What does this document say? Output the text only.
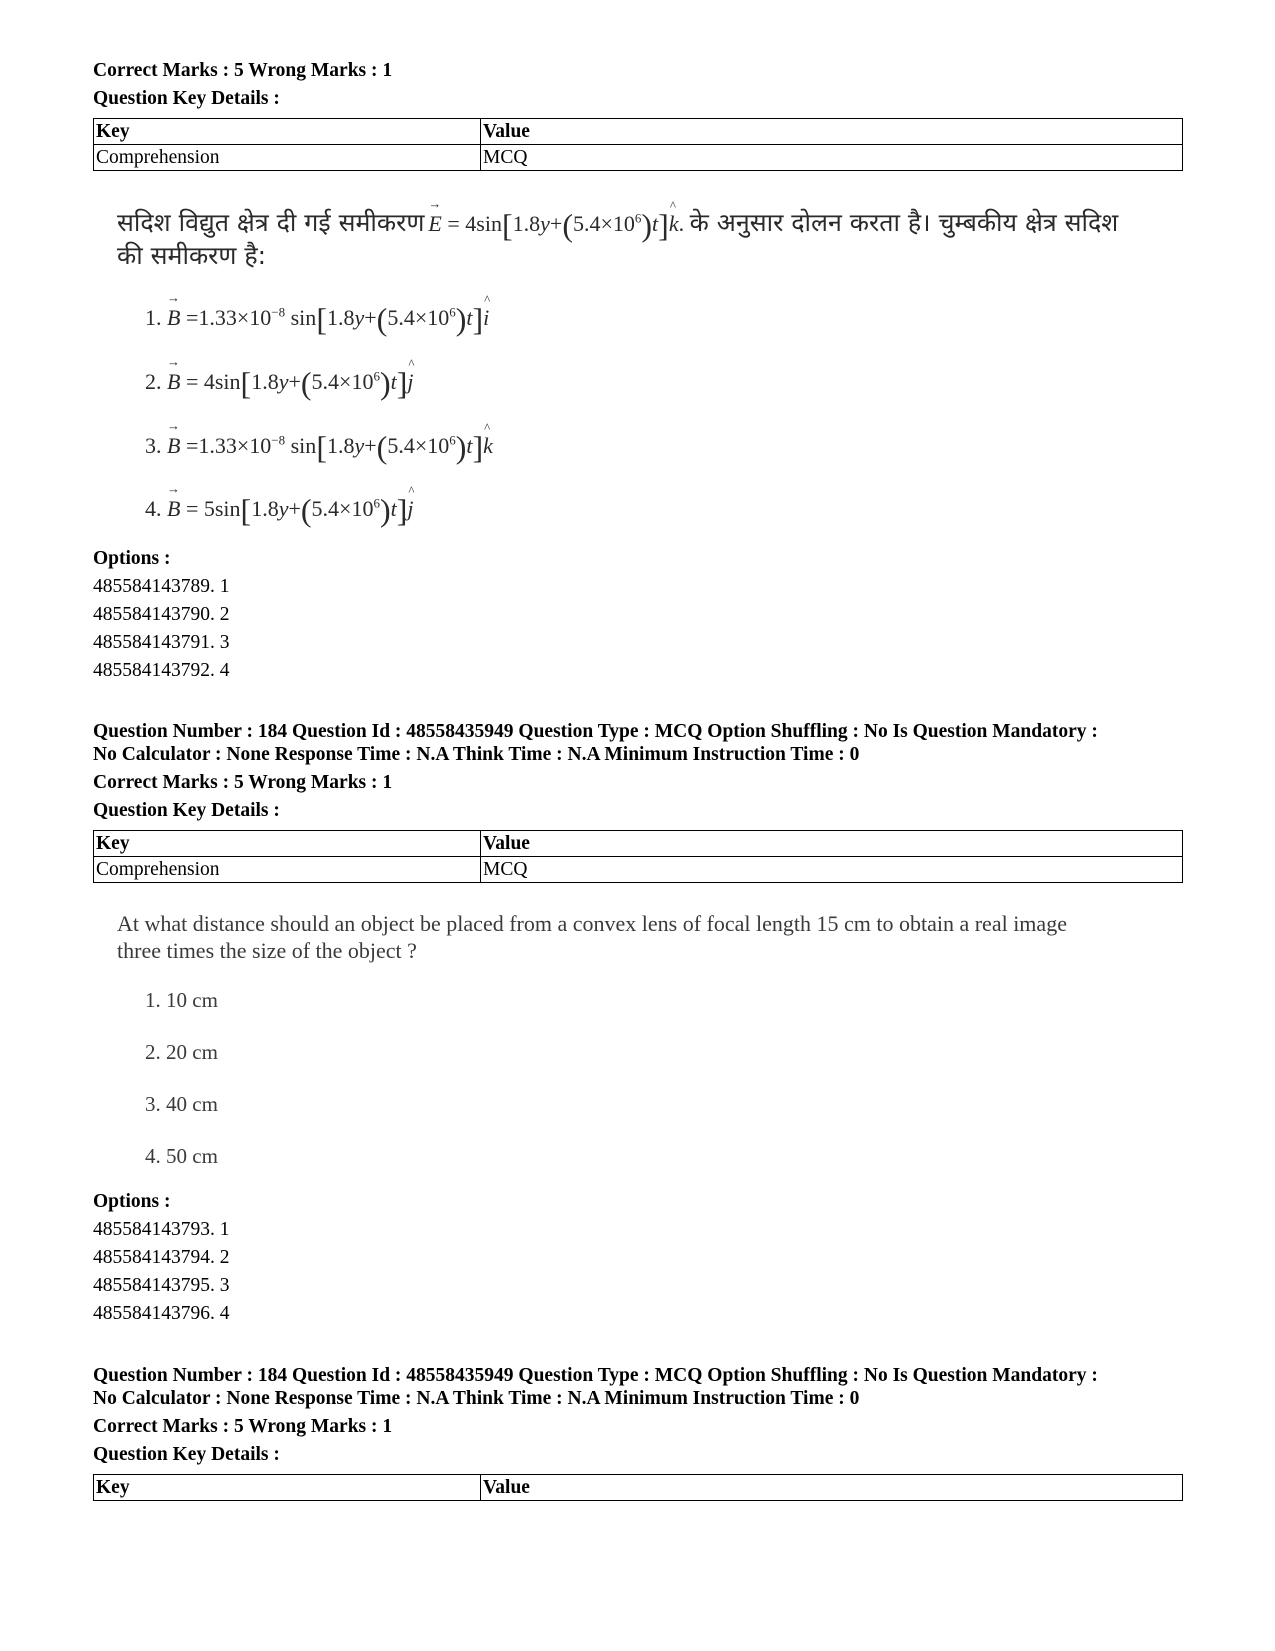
Correct Marks : 5 Wrong Marks : 1
Question Key Details :
Key	Value
Comprehension	MCQ
सदिश विद्युत क्षेत्र दी गई समीकरण → $E = 4\sin[1.8y+(5.4\times 10^6)t]\^{}$ k. के अनुसार दोलन करता है। चुम्बकीय क्षेत्र सदिश
की समीकरण है:
1. → $B =1.33\times 10^{-8}$ $\sin[1.8y+(5.4\times 10^6)t]\^{}$ i
2. → $B = 4\sin[1.8y+(5.4\times 10^6)t]\^{}$ j
3. → $B =1.33\times 10^{-8}$ $\sin[1.8y+(5.4\times 10^6)t]\^{}$ k
4. → $B = 5\sin[1.8y+(5.4\times 10^6)t]\^{}$ j
Options :
485584143789. 1
485584143790. 2
485584143791. 3
485584143792. 4
Question Number : 184 Question Id : 48558435949 Question Type : MCQ Option Shuffling : No Is Question Mandatory :
No Calculator : None Response Time : N.A Think Time : N.A Minimum Instruction Time : 0
Correct Marks : 5 Wrong Marks : 1
Question Key Details :
Key	Value
Comprehension	MCQ
At what distance should an object be placed from a convex lens of focal length 15 cm to obtain a real image
three times the size of the object ?
1. 10 cm
2. 20 cm
3. 40 cm
4. 50 cm
Options :
485584143793. 1
485584143794. 2
485584143795. 3
485584143796. 4
Question Number : 184 Question Id : 48558435949 Question Type : MCQ Option Shuffling : No Is Question Mandatory :
No Calculator : None Response Time : N.A Think Time : N.A Minimum Instruction Time : 0
Correct Marks : 5 Wrong Marks : 1
Question Key Details :
Key	Value
